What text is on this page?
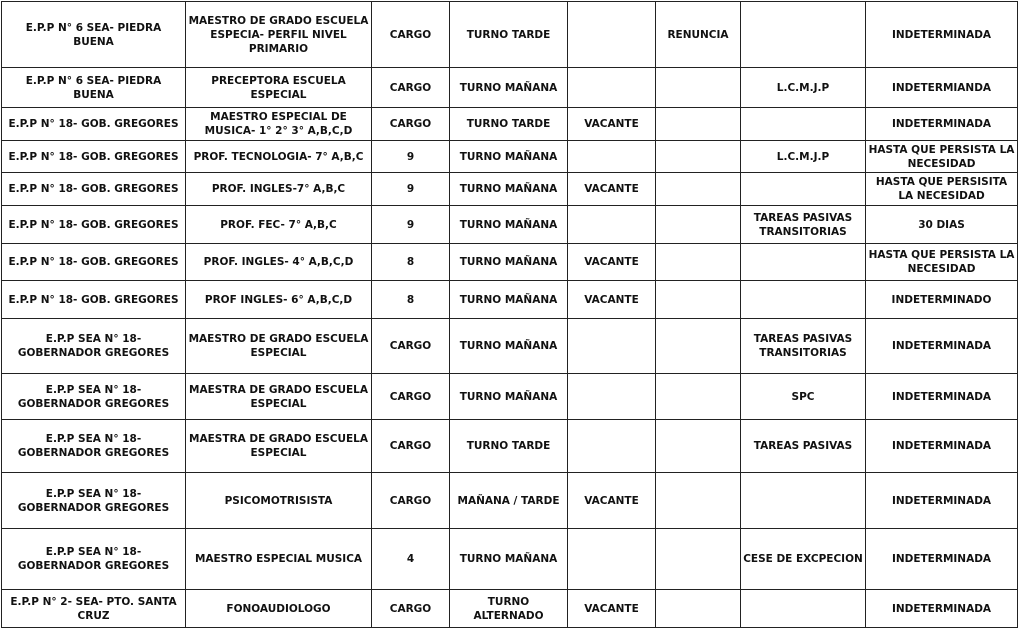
E.P.P N° 6 SEA- PIEDRA BUENA	MAESTRO DE GRADO ESCUELA ESPECIA- PERFIL NIVEL PRIMARIO	CARGO	TURNO TARDE		RENUNCIA		INDETERMINADA
E.P.P N° 6 SEA- PIEDRA BUENA	PRECEPTORA ESCUELA ESPECIAL	CARGO	TURNO MAÑANA			L.C.M.J.P	INDETERMIANDA
E.P.P N° 18- GOB. GREGORES	MAESTRO ESPECIAL DE MUSICA- 1° 2° 3° A,B,C,D	CARGO	TURNO TARDE	VACANTE			INDETERMINADA
E.P.P N° 18- GOB. GREGORES	PROF. TECNOLOGIA- 7° A,B,C	9	TURNO MAÑANA			L.C.M.J.P	HASTA QUE PERSISTA LA NECESIDAD
E.P.P N° 18- GOB. GREGORES	PROF. INGLES-7° A,B,C	9	TURNO MAÑANA	VACANTE			HASTA QUE PERSISITA LA NECESIDAD
E.P.P N° 18- GOB. GREGORES	PROF. FEC- 7° A,B,C	9	TURNO MAÑANA			TAREAS PASIVAS TRANSITORIAS	30 DIAS
E.P.P N° 18- GOB. GREGORES	PROF. INGLES- 4° A,B,C,D	8	TURNO MAÑANA	VACANTE			HASTA QUE PERSISTA LA NECESIDAD
E.P.P N° 18- GOB. GREGORES	PROF INGLES- 6° A,B,C,D	8	TURNO MAÑANA	VACANTE			INDETERMINADO
E.P.P SEA N° 18- GOBERNADOR GREGORES	MAESTRO DE GRADO ESCUELA ESPECIAL	CARGO	TURNO MAÑANA			TAREAS PASIVAS TRANSITORIAS	INDETERMINADA
E.P.P SEA N° 18- GOBERNADOR GREGORES	MAESTRA DE GRADO ESCUELA ESPECIAL	CARGO	TURNO MAÑANA			SPC	INDETERMINADA
E.P.P SEA N° 18- GOBERNADOR GREGORES	MAESTRA DE GRADO ESCUELA ESPECIAL	CARGO	TURNO TARDE			TAREAS PASIVAS	INDETERMINADA
E.P.P SEA N° 18- GOBERNADOR GREGORES	PSICOMOTRISISTA	CARGO	MAÑANA / TARDE	VACANTE			INDETERMINADA
E.P.P SEA N° 18- GOBERNADOR GREGORES	MAESTRO ESPECIAL MUSICA	4	TURNO MAÑANA			CESE DE EXCPECION	INDETERMINADA
E.P.P N° 2- SEA- PTO. SANTA CRUZ	FONOAUDIOLOGO	CARGO	TURNO ALTERNADO	VACANTE			INDETERMINADA
